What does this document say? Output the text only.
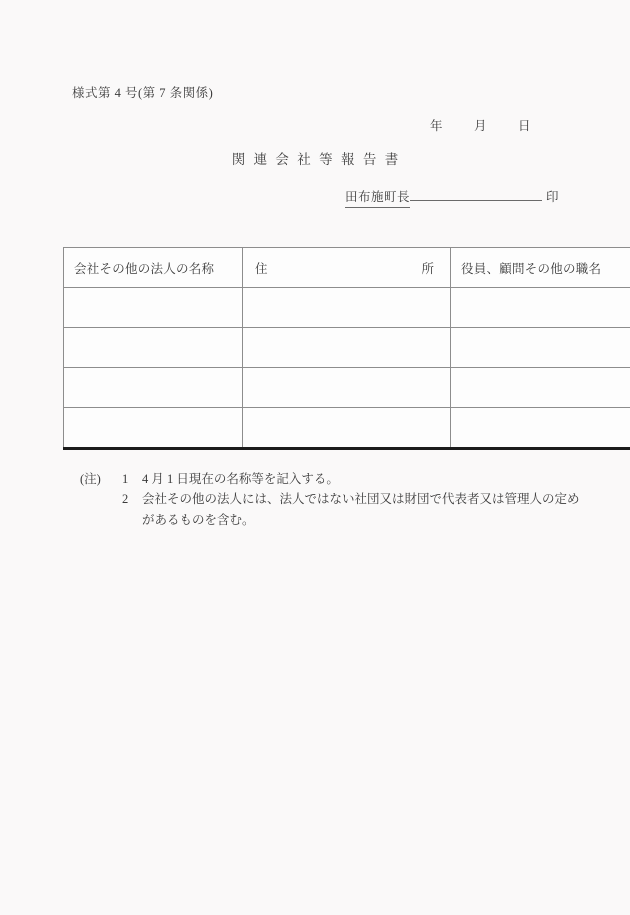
様式第 4 号(第 7 条関係)
年	月	日
関連会社等報告書
田布施町長	印
会社その他の法人の名称	住 所	役員、顧問その他の職名

(注)	1	4 月 1 日現在の名称等を記入する。
2	会社その他の法人には、法人ではない社団又は財団で代表者又は管理人の定め
があるものを含む。
